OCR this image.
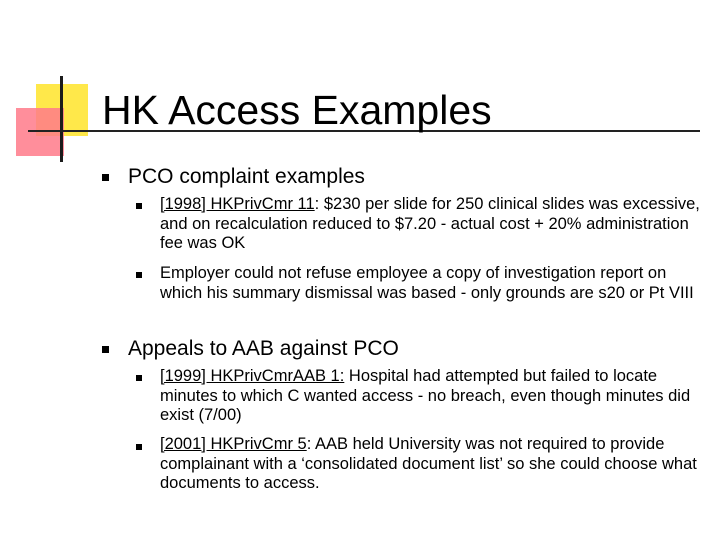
HK Access Examples
PCO complaint examples
[1998] HKPrivCmr 11: $230 per slide for 250 clinical slides was excessive, and on recalculation reduced to $7.20 - actual cost + 20% administration fee was OK
Employer could not refuse employee a copy of investigation report on which his summary dismissal was based - only grounds are s20 or Pt VIII
Appeals to AAB against PCO
[1999] HKPrivCmrAAB 1: Hospital had attempted but failed to locate minutes to which C wanted access - no breach, even though minutes did exist (7/00)
[2001] HKPrivCmr 5: AAB held University was not required to provide complainant with a ‘consolidated document list’ so she could choose what documents to access.
